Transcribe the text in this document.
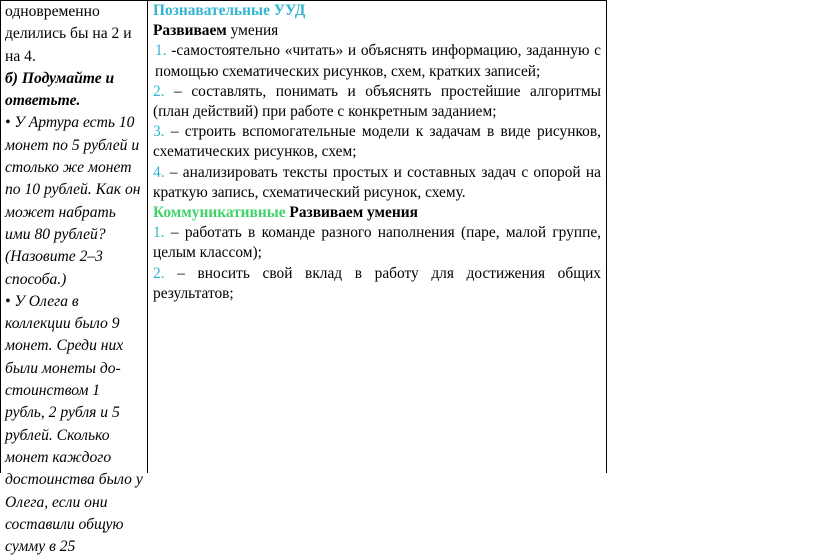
одновременно делились бы на 2 и на 4.

б) Подумайте и ответьте.

• У Артура есть 10 монет по 5 рублей и столько же монет по 10 рублей. Как он может набрать ими 80 рублей? (Назовите 2–3 способа.)

• У Олега в коллекции было 9 монет. Среди них были монеты до-стоинством 1 рубль, 2 рубля и 5 рублей. Сколько монет каждого достоинства было у Олега, если они составили общую сумму в 25

Познавательные УУД

Развиваем умения

1. -самостоятельно «читать» и объяснять информацию, заданную с помощью схематических рисунков, схем, кратких записей;

2. – составлять, понимать и объяснять простейшие алгоритмы (план действий) при работе с конкретным заданием;

3. – строить вспомогательные модели к задачам в виде рисунков, схематических рисунков, схем;

4. – анализировать тексты простых и составных задач с опорой на краткую запись, схематический рисунок, схему.

Коммуникативные Развиваем умения

1. – работать в команде разного наполнения (паре, малой группе, целым классом);

2. – вносить свой вклад в работу для достижения общих результатов;
